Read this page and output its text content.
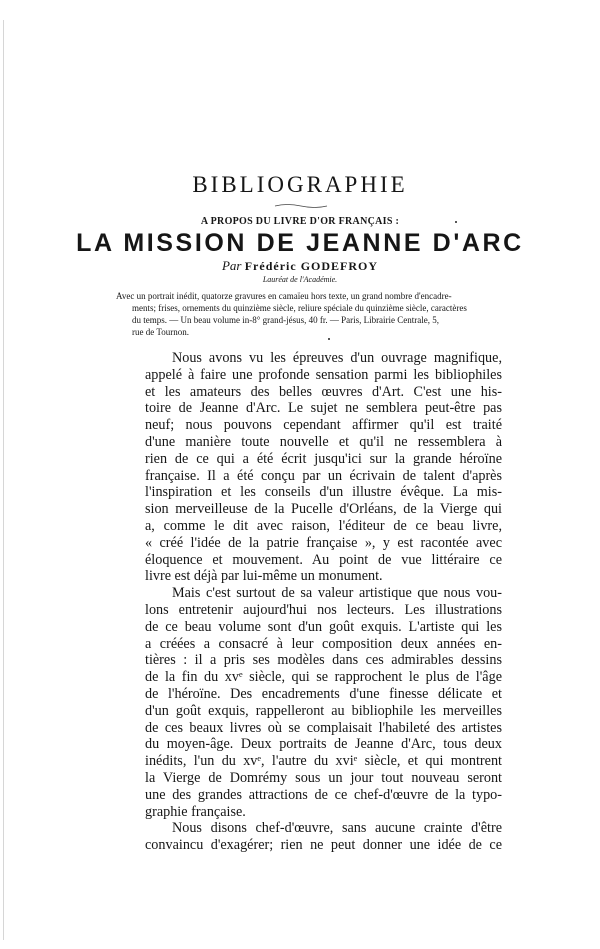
BIBLIOGRAPHIE
A PROPOS DU LIVRE D'OR FRANÇAIS :
LA MISSION DE JEANNE D'ARC
Par Frédéric GODEFROY
Lauréat de l'Académie.
Avec un portrait inédit, quatorze gravures en camaïeu hors texte, un grand nombre d'encadre-
ments; frises, ornements du quinzième siècle, reliure spéciale du quinzième siècle, caractères
du temps. — Un beau volume in-8° grand-jésus, 40 fr. — Paris, Librairie Centrale, 5,
rue de Tournon.
Nous avons vu les épreuves d'un ouvrage magnifique,
appelé à faire une profonde sensation parmi les bibliophiles
et les amateurs des belles œuvres d'Art. C'est une his-
toire de Jeanne d'Arc. Le sujet ne semblera peut-être pas
neuf; nous pouvons cependant affirmer qu'il est traité
d'une manière toute nouvelle et qu'il ne ressemblera à
rien de ce qui a été écrit jusqu'ici sur la grande héroïne
française. Il a été conçu par un écrivain de talent d'après
l'inspiration et les conseils d'un illustre évêque. La mis-
sion merveilleuse de la Pucelle d'Orléans, de la Vierge qui
a, comme le dit avec raison, l'éditeur de ce beau livre,
« créé l'idée de la patrie française », y est racontée avec
éloquence et mouvement. Au point de vue littéraire ce
livre est déjà par lui-même un monument.
Mais c'est surtout de sa valeur artistique que nous vou-
lons entretenir aujourd'hui nos lecteurs. Les illustrations
de ce beau volume sont d'un goût exquis. L'artiste qui les
a créées a consacré à leur composition deux années en-
tières : il a pris ses modèles dans ces admirables dessins
de la fin du xvᵉ siècle, qui se rapprochent le plus de l'âge
de l'héroïne. Des encadrements d'une finesse délicate et
d'un goût exquis, rappelleront au bibliophile les merveilles
de ces beaux livres où se complaisait l'habileté des artistes
du moyen-âge. Deux portraits de Jeanne d'Arc, tous deux
inédits, l'un du xvᵉ, l'autre du xviᵉ siècle, et qui montrent
la Vierge de Domrémy sous un jour tout nouveau seront
une des grandes attractions de ce chef-d'œuvre de la typo-
graphie française.
Nous disons chef-d'œuvre, sans aucune crainte d'être
convaincu d'exagérer; rien ne peut donner une idée de ce
